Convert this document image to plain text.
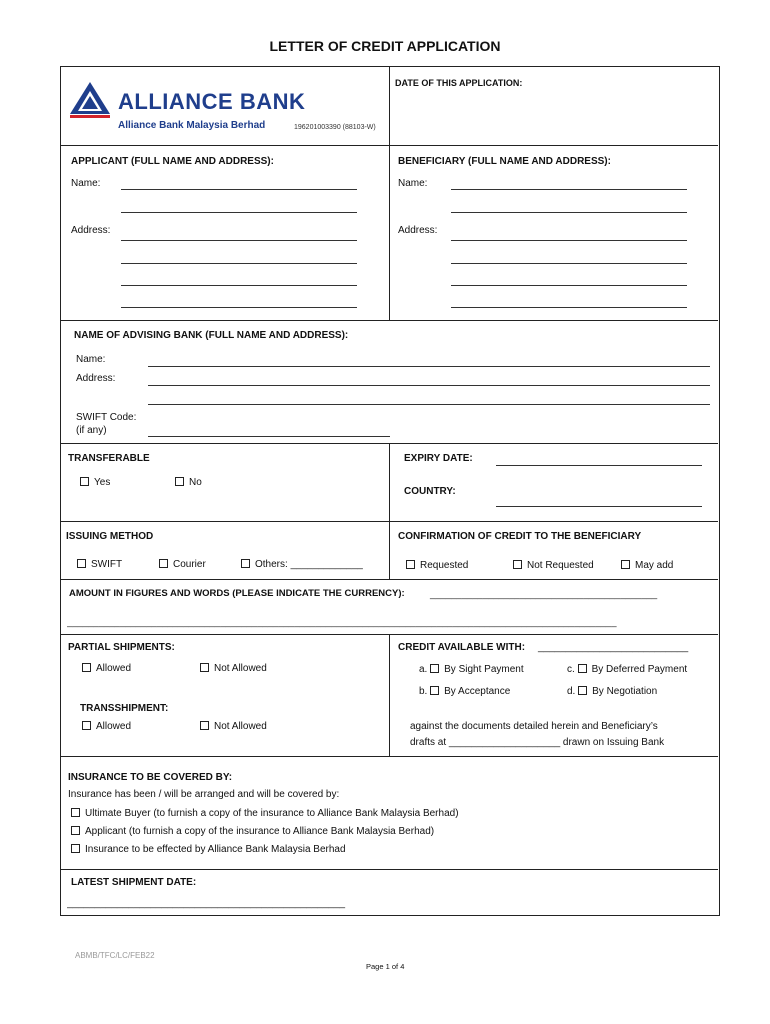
LETTER OF CREDIT APPLICATION
ALLIANCE BANK
Alliance Bank Malaysia Berhad	196201003390 (88103-W)
DATE OF THIS APPLICATION:
APPLICANT (FULL NAME AND ADDRESS):
Name:
Address:
BENEFICIARY (FULL NAME AND ADDRESS):
Name:
Address:
NAME OF ADVISING BANK (FULL NAME AND ADDRESS):
Name:
Address:
SWIFT Code:
(if any)
TRANSFERABLE
Yes	No
EXPIRY DATE:
COUNTRY:
ISSUING METHOD
SWIFT	Courier	Others: _____________
CONFIRMATION OF CREDIT TO THE BENEFICIARY
Requested	Not Requested	May add
AMOUNT IN FIGURES AND WORDS (PLEASE INDICATE THE CURRENCY):	___________________________________________
________________________________________________________________________________________________________
PARTIAL SHIPMENTS:
Allowed	Not Allowed
TRANSSHIPMENT:
Allowed	Not Allowed
CREDIT AVAILABLE WITH: ___________________________
a. By Sight Payment	c. By Deferred Payment
b. By Acceptance	d. By Negotiation
against the documents detailed herein and Beneficiary’s
drafts at ____________________ drawn on Issuing Bank
INSURANCE TO BE COVERED BY:
Insurance has been / will be arranged and will be covered by:
Ultimate Buyer (to furnish a copy of the insurance to Alliance Bank Malaysia Berhad)
Applicant (to furnish a copy of the insurance to Alliance Bank Malaysia Berhad)
Insurance to be effected by Alliance Bank Malaysia Berhad
LATEST SHIPMENT DATE:
__________________________________________________
ABMB/TFC/LC/FEB22
Page 1 of 4
